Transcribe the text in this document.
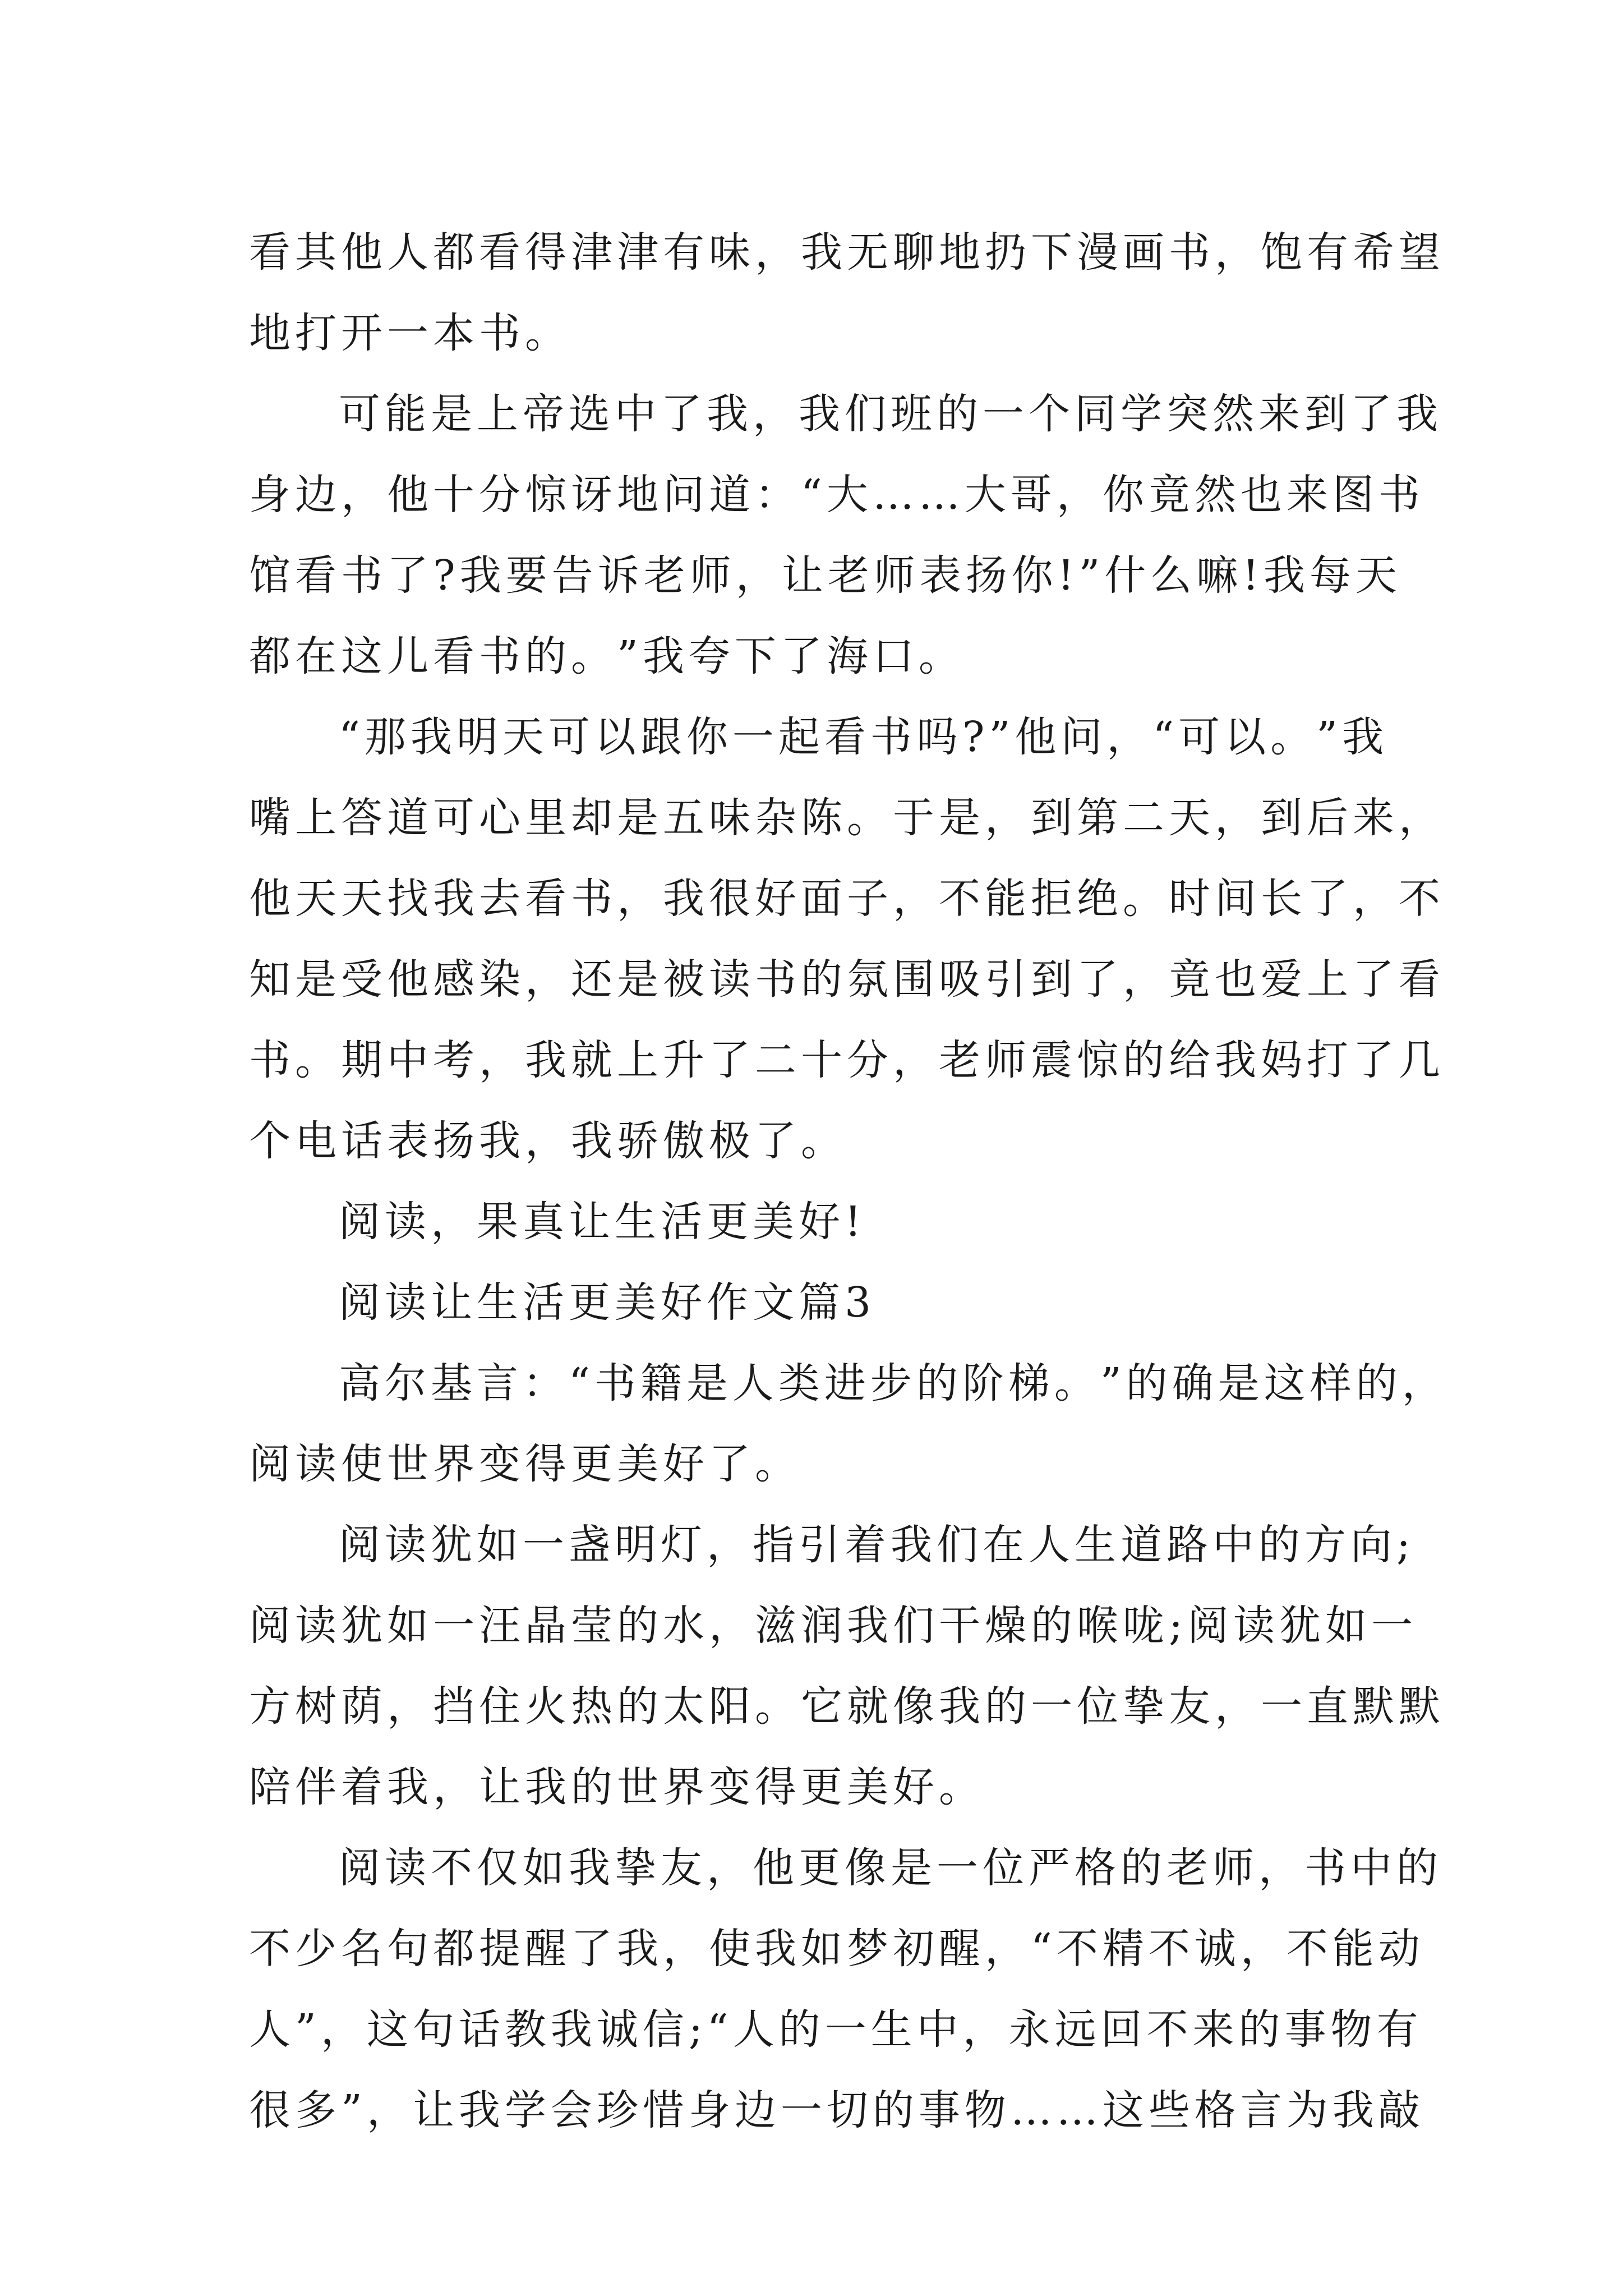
看 其 他 人 都 看 得 津 津 有 味 ， 我 无 聊 地 扔 下 漫 画 书 ， 饱 有 希 望
地 打 开 一 本 书 。
可 能 是 上 帝 选 中 了 我 ， 我 们 班 的 一 个 同 学 突 然 来 到 了 我
身 边 ， 他 十 分 惊 讶 地 问 道 ： “ 大 … … 大 哥 ， 你 竟 然 也 来 图 书
馆 看 书 了 ? 我 要 告 诉 老 师 ， 让 老 师 表 扬 你 ! ” 什 么 嘛 ! 我 每 天
都 在 这 儿 看 书 的 。 ” 我 夸 下 了 海 口 。
“ 那 我 明 天 可 以 跟 你 一 起 看 书 吗 ? ” 他 问 ， “ 可 以 。 ” 我
嘴 上 答 道 可 心 里 却 是 五 味 杂 陈 。 于 是 ， 到 第 二 天 ， 到 后 来 ，
他 天 天 找 我 去 看 书 ， 我 很 好 面 子 ， 不 能 拒 绝 。 时 间 长 了 ， 不
知 是 受 他 感 染 ， 还 是 被 读 书 的 氛 围 吸 引 到 了 ， 竟 也 爱 上 了 看
书 。 期 中 考 ， 我 就 上 升 了 二 十 分 ， 老 师 震 惊 的 给 我 妈 打 了 几
个 电 话 表 扬 我 ， 我 骄 傲 极 了 。
阅 读 ， 果 真 让 生 活 更 美 好 !
阅 读 让 生 活 更 美 好 作 文 篇 3
高 尔 基 言 ： “ 书 籍 是 人 类 进 步 的 阶 梯 。 ” 的 确 是 这 样 的 ，
阅 读 使 世 界 变 得 更 美 好 了 。
阅 读 犹 如 一 盏 明 灯 ， 指 引 着 我 们 在 人 生 道 路 中 的 方 向 ;
阅 读 犹 如 一 汪 晶 莹 的 水 ， 滋 润 我 们 干 燥 的 喉 咙 ; 阅 读 犹 如 一
方 树 荫 ， 挡 住 火 热 的 太 阳 。 它 就 像 我 的 一 位 挚 友 ， 一 直 默 默
陪 伴 着 我 ， 让 我 的 世 界 变 得 更 美 好 。
阅 读 不 仅 如 我 挚 友 ， 他 更 像 是 一 位 严 格 的 老 师 ， 书 中 的
不 少 名 句 都 提 醒 了 我 ， 使 我 如 梦 初 醒 ， “ 不 精 不 诚 ， 不 能 动
人 ” ， 这 句 话 教 我 诚 信 ; “ 人 的 一 生 中 ， 永 远 回 不 来 的 事 物 有
很 多 ” ， 让 我 学 会 珍 惜 身 边 一 切 的 事 物 … … 这 些 格 言 为 我 敲
